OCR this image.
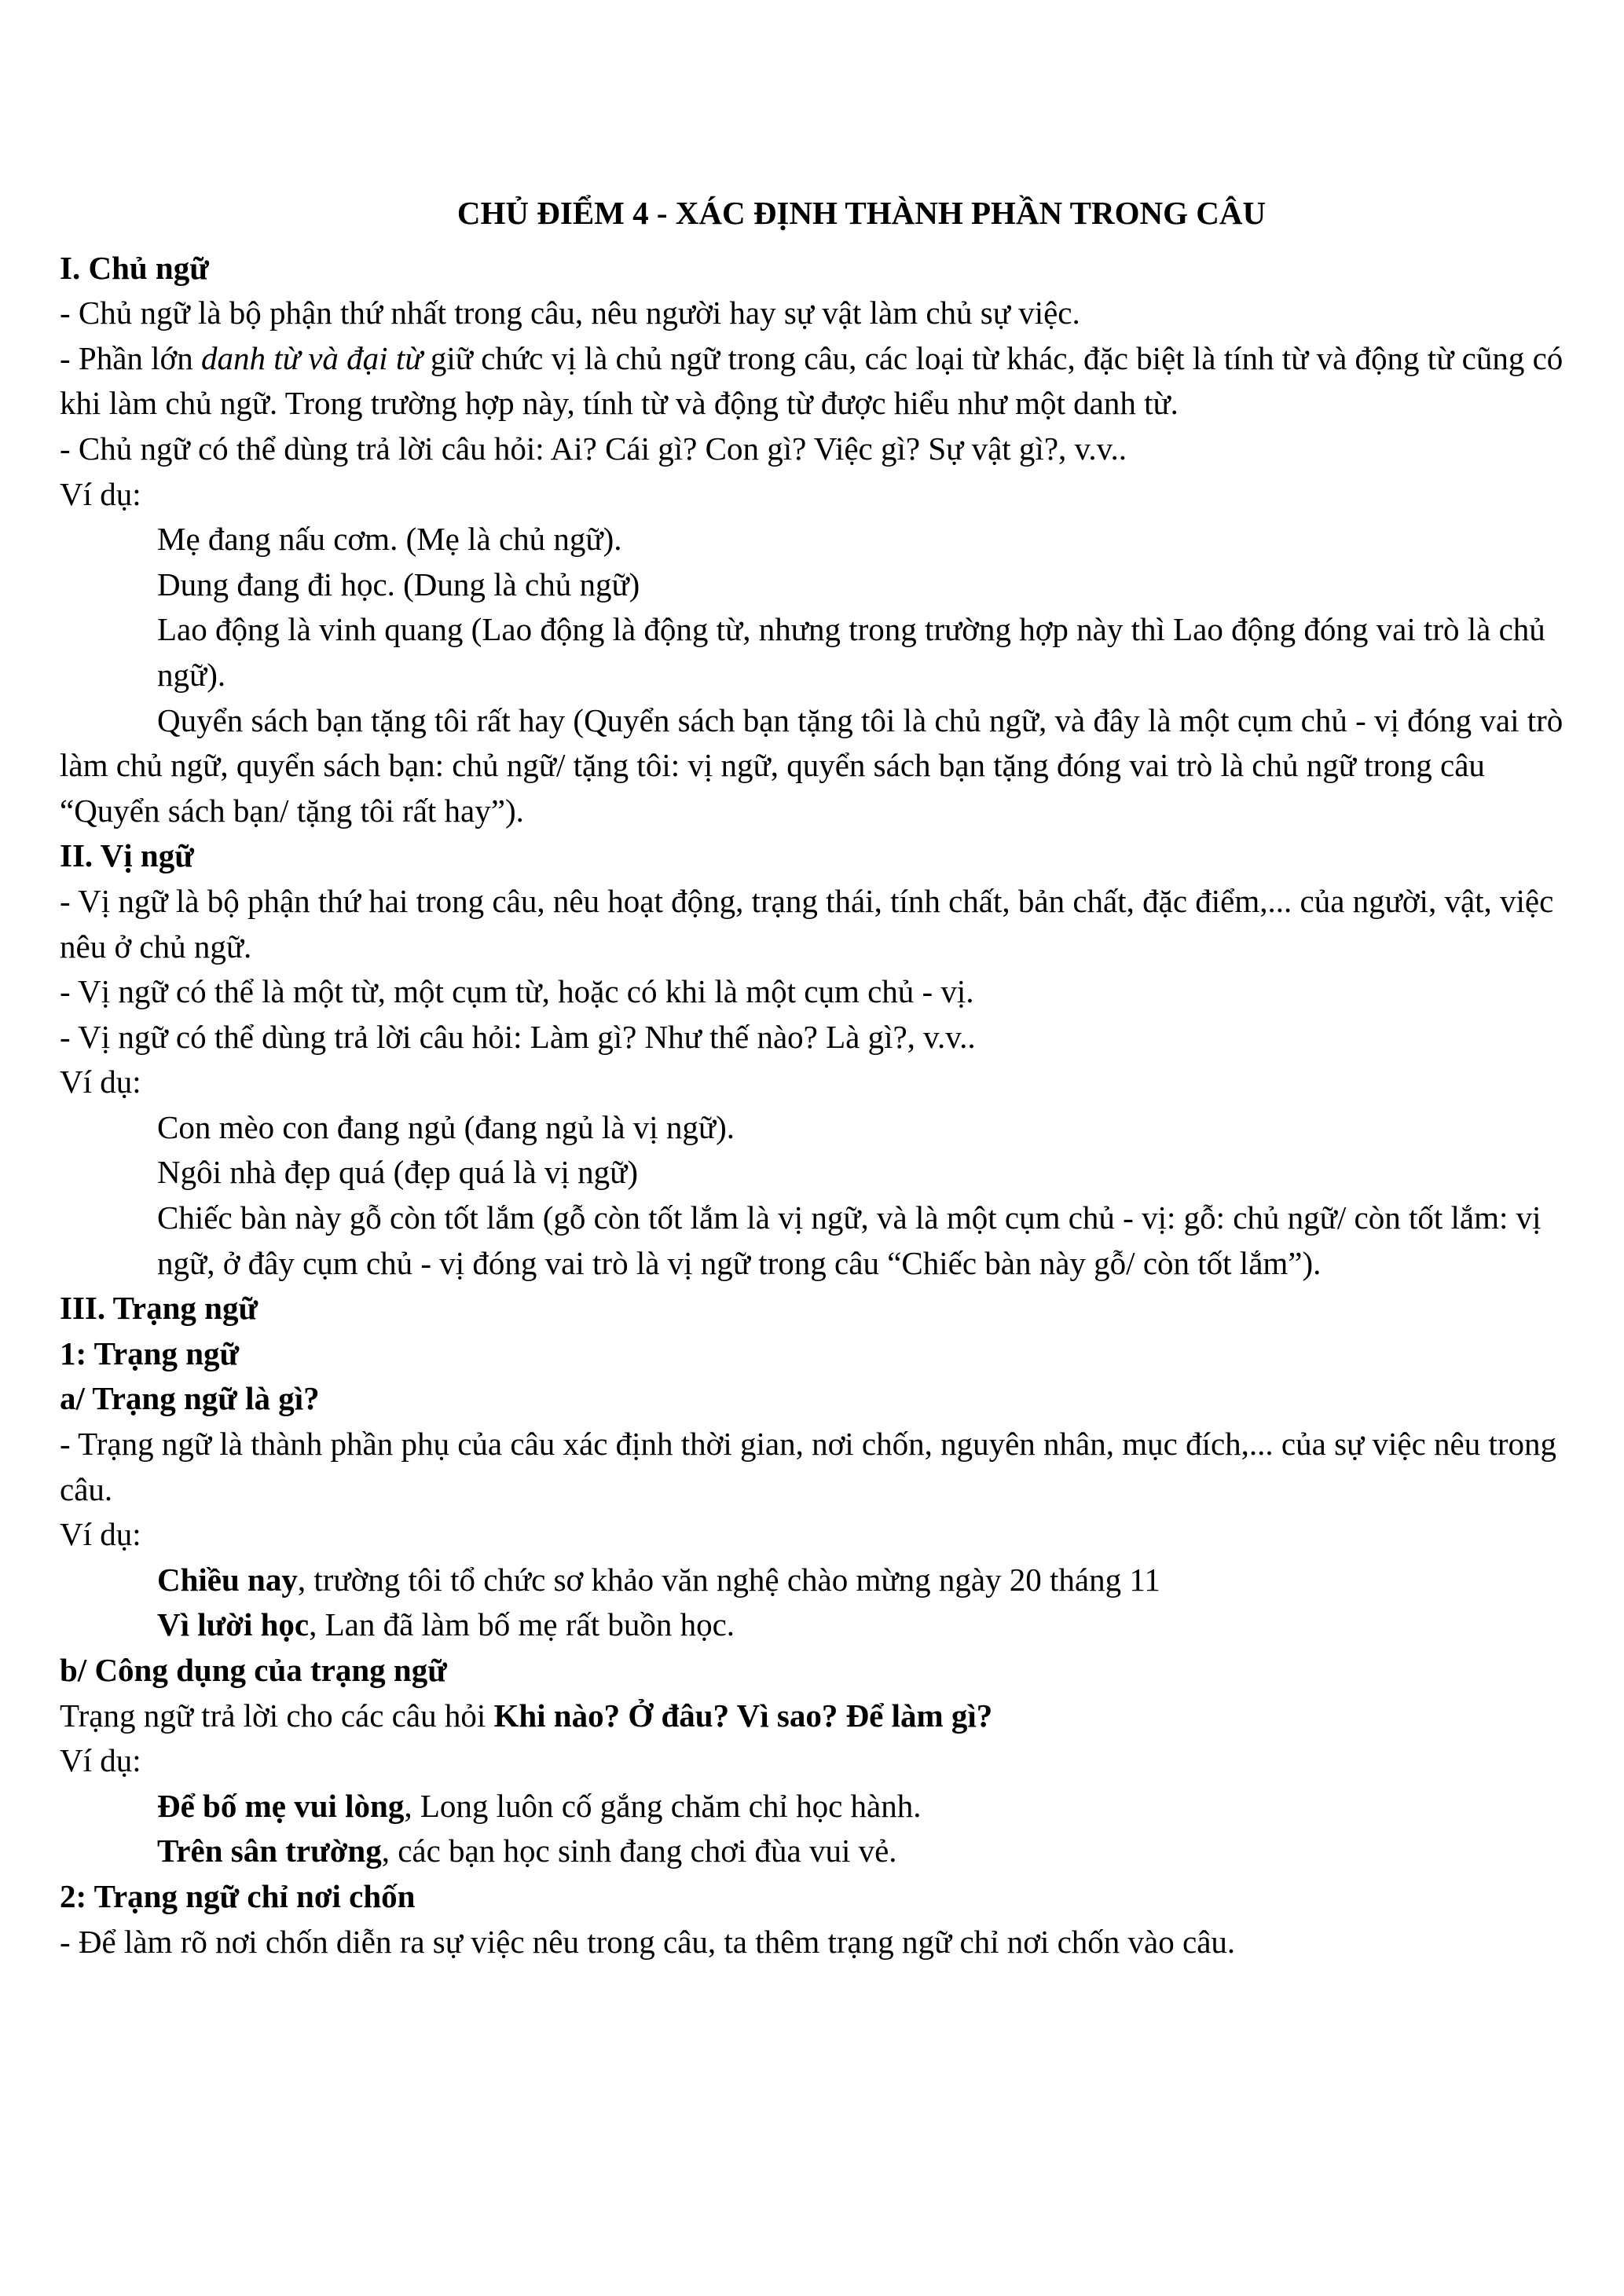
CHỦ ĐIỂM 4 - XÁC ĐỊNH THÀNH PHẦN TRONG CÂU
I. Chủ ngữ
- Chủ ngữ là bộ phận thứ nhất trong câu, nêu người hay sự vật làm chủ sự việc.
- Phần lớn danh từ và đại từ giữ chức vị là chủ ngữ trong câu, các loại từ khác, đặc biệt là tính từ và động từ cũng có khi làm chủ ngữ. Trong trường hợp này, tính từ và động từ được hiểu như một danh từ.
- Chủ ngữ có thể dùng trả lời câu hỏi: Ai? Cái gì? Con gì? Việc gì? Sự vật gì?, v.v..
Ví dụ:
Mẹ đang nấu cơm. (Mẹ là chủ ngữ).
Dung đang đi học. (Dung là chủ ngữ)
Lao động là vinh quang (Lao động là động từ, nhưng trong trường hợp này thì Lao động đóng vai trò là chủ ngữ).
Quyển sách bạn tặng tôi rất hay (Quyển sách bạn tặng tôi là chủ ngữ, và đây là một cụm chủ - vị đóng vai trò làm chủ ngữ, quyển sách bạn: chủ ngữ/ tặng tôi: vị ngữ, quyển sách bạn tặng đóng vai trò là chủ ngữ trong câu “Quyển sách bạn/ tặng tôi rất hay”).
II. Vị ngữ
- Vị ngữ là bộ phận thứ hai trong câu, nêu hoạt động, trạng thái, tính chất, bản chất, đặc điểm,... của người, vật, việc nêu ở chủ ngữ.
- Vị ngữ có thể là một từ, một cụm từ, hoặc có khi là một cụm chủ - vị.
- Vị ngữ có thể dùng trả lời câu hỏi: Làm gì? Như thế nào? Là gì?, v.v..
Ví dụ:
Con mèo con đang ngủ (đang ngủ là vị ngữ).
Ngôi nhà đẹp quá (đẹp quá là vị ngữ)
Chiếc bàn này gỗ còn tốt lắm (gỗ còn tốt lắm là vị ngữ, và là một cụm chủ - vị: gỗ: chủ ngữ/ còn tốt lắm: vị ngữ, ở đây cụm chủ - vị đóng vai trò là vị ngữ trong câu “Chiếc bàn này gỗ/ còn tốt lắm”).
III. Trạng ngữ
1: Trạng ngữ
a/ Trạng ngữ là gì?
- Trạng ngữ là thành phần phụ của câu xác định thời gian, nơi chốn, nguyên nhân, mục đích,... của sự việc nêu trong câu.
Ví dụ:
Chiều nay, trường tôi tổ chức sơ khảo văn nghệ chào mừng ngày 20 tháng 11
Vì lười học, Lan đã làm bố mẹ rất buồn học.
b/ Công dụng của trạng ngữ
Trạng ngữ trả lời cho các câu hỏi Khi nào? Ở đâu? Vì sao? Để làm gì?
Ví dụ:
Để bố mẹ vui lòng, Long luôn cố gắng chăm chỉ học hành.
Trên sân trường, các bạn học sinh đang chơi đùa vui vẻ.
2: Trạng ngữ chỉ nơi chốn
- Để làm rõ nơi chốn diễn ra sự việc nêu trong câu, ta thêm trạng ngữ chỉ nơi chốn vào câu.
